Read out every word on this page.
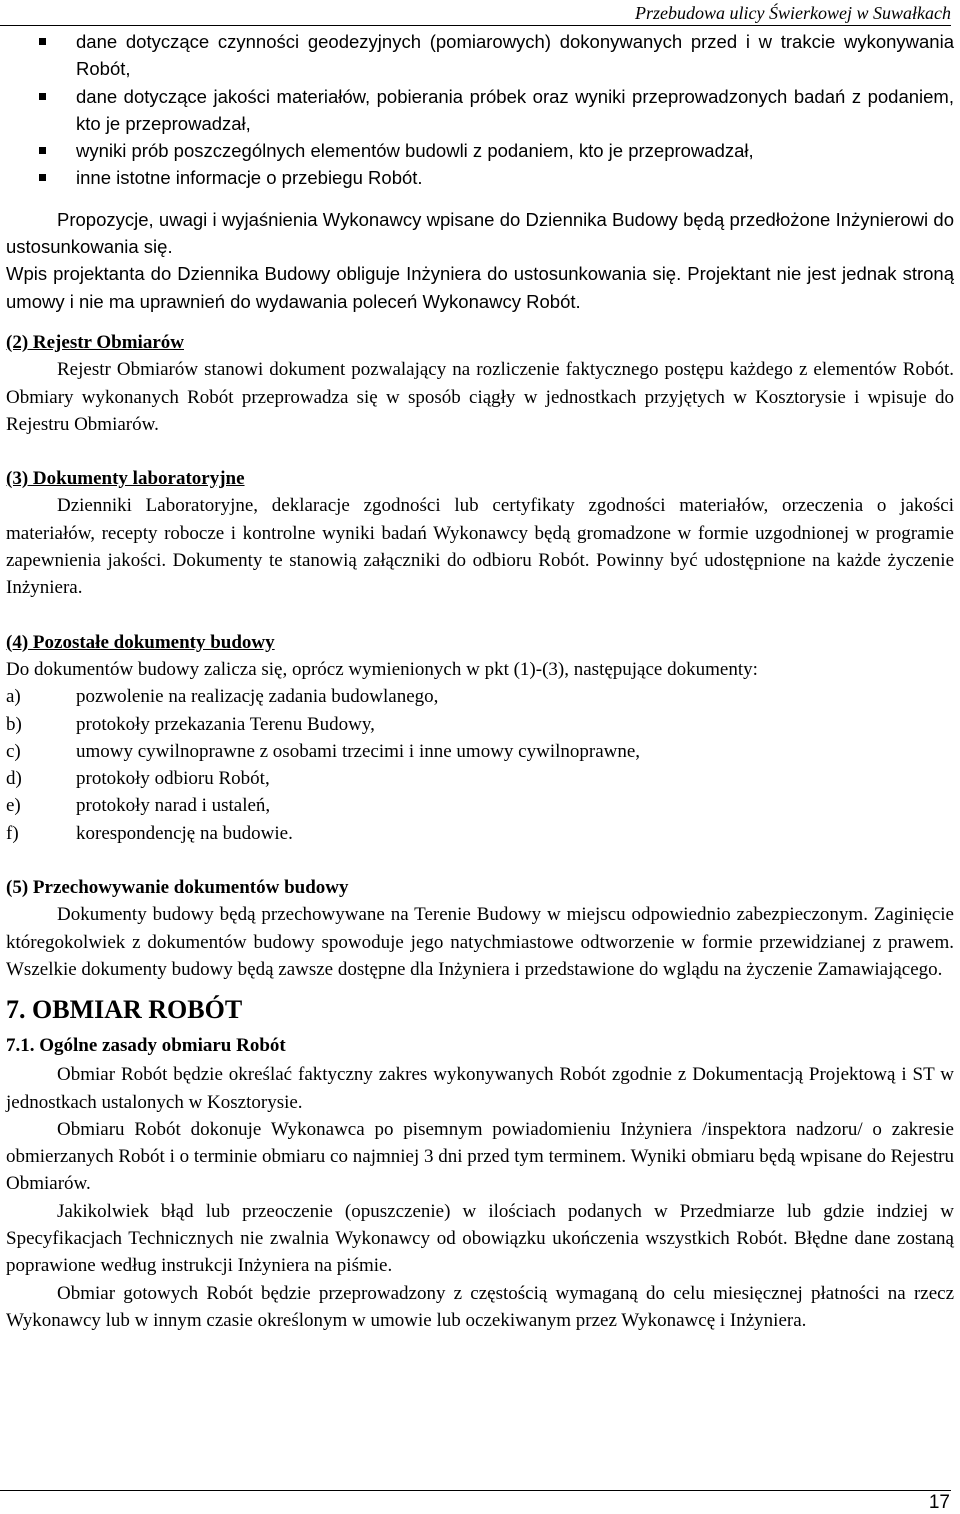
Przebudowa ulicy Świerkowej w Suwałkach
dane dotyczące czynności geodezyjnych (pomiarowych) dokonywanych przed i w trakcie wykonywania Robót,
dane dotyczące jakości materiałów, pobierania próbek oraz wyniki przeprowadzonych badań z podaniem, kto je przeprowadzał,
wyniki prób poszczególnych elementów budowli z podaniem, kto je przeprowadzał,
inne istotne informacje o przebiegu Robót.

Propozycje, uwagi i wyjaśnienia Wykonawcy wpisane do Dziennika Budowy będą przedłożone Inżynierowi do ustosunkowania się.

Wpis projektanta do Dziennika Budowy obliguje Inżyniera do ustosunkowania się. Projektant nie jest jednak stroną umowy i nie ma uprawnień do wydawania poleceń Wykonawcy Robót.

(2) Rejestr Obmiarów

Rejestr Obmiarów stanowi dokument pozwalający na rozliczenie faktycznego postępu każdego z elementów Robót. Obmiary wykonanych Robót przeprowadza się w sposób ciągły w jednostkach przyjętych w Kosztorysie i wpisuje do Rejestru Obmiarów.

(3) Dokumenty laboratoryjne

Dzienniki Laboratoryjne, deklaracje zgodności lub certyfikaty zgodności materiałów, orzeczenia o jakości materiałów, recepty robocze i kontrolne wyniki badań Wykonawcy będą gromadzone w formie uzgodnionej w programie zapewnienia jakości. Dokumenty te stanowią załączniki do odbioru Robót. Powinny być udostępnione na każde życzenie Inżyniera.

(4) Pozostałe dokumenty budowy

Do dokumentów budowy zalicza się, oprócz wymienionych w pkt (1)-(3), następujące dokumenty:

a)	pozwolenie na realizację zadania budowlanego,
b)	protokoły przekazania Terenu Budowy,
c)	umowy cywilnoprawne z osobami trzecimi i inne umowy cywilnoprawne,
d)	protokoły odbioru Robót,
e)	protokoły narad i ustaleń,
f)	korespondencję na budowie.

(5) Przechowywanie dokumentów budowy

Dokumenty budowy będą przechowywane na Terenie Budowy w miejscu odpowiednio zabezpieczonym. Zaginięcie któregokolwiek z dokumentów budowy spowoduje jego natychmiastowe odtworzenie w formie przewidzianej z prawem. Wszelkie dokumenty budowy będą zawsze dostępne dla Inżyniera i przedstawione do wglądu na życzenie Zamawiającego.

7. OBMIAR ROBÓT

7.1. Ogólne zasady obmiaru Robót

Obmiar Robót będzie określać faktyczny zakres wykonywanych Robót zgodnie z Dokumentacją Projektową i ST w jednostkach ustalonych w Kosztorysie.

Obmiaru Robót dokonuje Wykonawca po pisemnym powiadomieniu Inżyniera /inspektora nadzoru/ o zakresie obmierzanych Robót i o terminie obmiaru co najmniej 3 dni przed tym terminem. Wyniki obmiaru będą wpisane do Rejestru Obmiarów.

Jakikolwiek błąd lub przeoczenie (opuszczenie) w ilościach podanych w Przedmiarze lub gdzie indziej w Specyfikacjach Technicznych nie zwalnia Wykonawcy od obowiązku ukończenia wszystkich Robót. Błędne dane zostaną poprawione według instrukcji Inżyniera na piśmie.

Obmiar gotowych Robót będzie przeprowadzony z częstością wymaganą do celu miesięcznej płatności na rzecz Wykonawcy lub w innym czasie określonym w umowie lub oczekiwanym przez Wykonawcę i Inżyniera.

17
